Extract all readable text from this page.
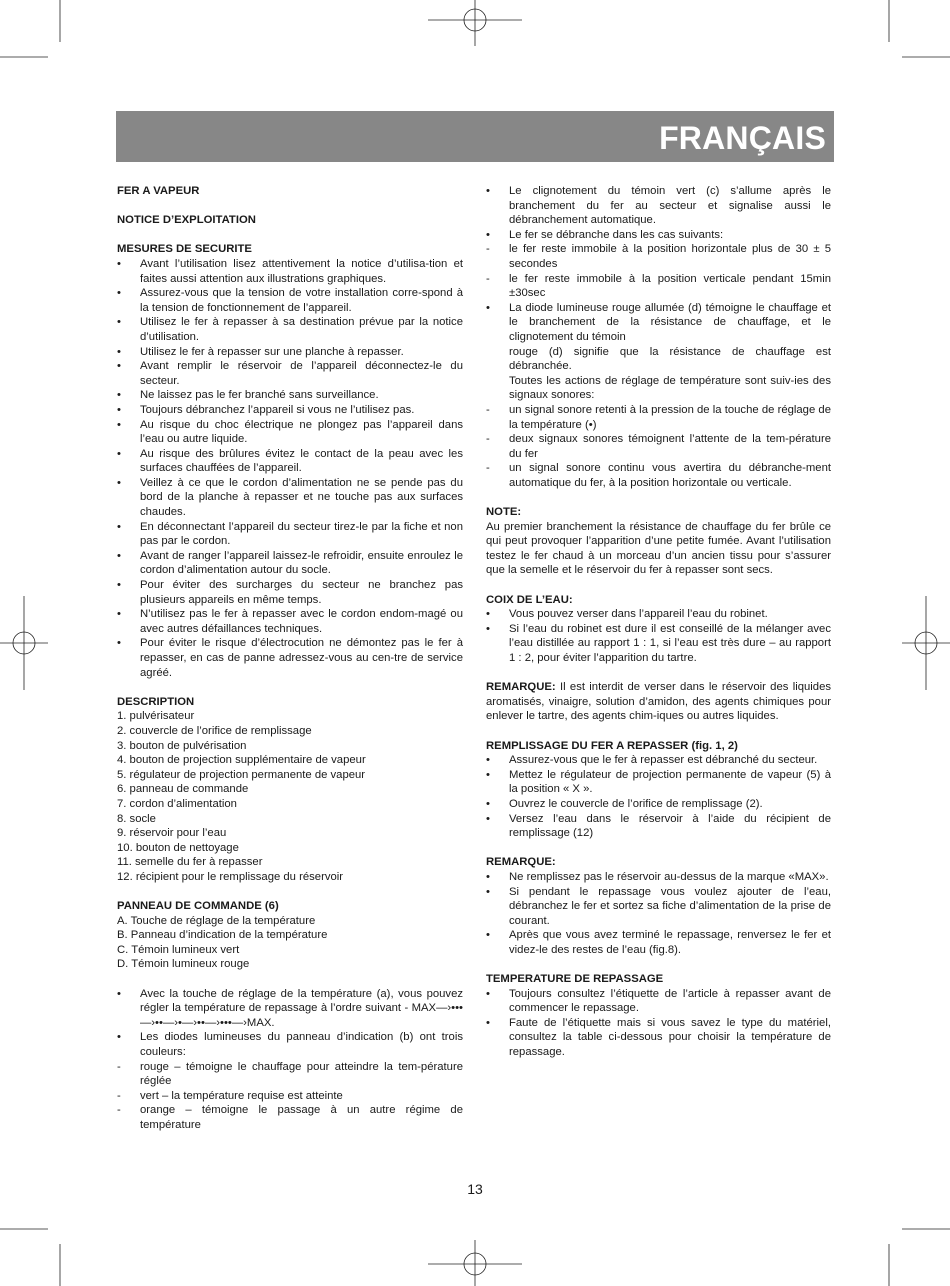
FRANÇAIS

FER A VAPEUR

NOTICE D’EXPLOITATION

MESURES DE SECURITE

•	Avant l’utilisation lisez attentivement la notice d’utilisa-tion et faites aussi attention aux illustrations graphiques.
•	Assurez-vous que la tension de votre installation corre-spond à la tension de fonctionnement de l’appareil.
•	Utilisez le fer à repasser à sa destination prévue par la notice d’utilisation.
•	Utilisez le fer à repasser sur une planche à repasser.
•	Avant remplir le réservoir de l’appareil déconnectez-le du secteur.
•	Ne laissez pas le fer branché sans surveillance.
•	Toujours débranchez l’appareil si vous ne l’utilisez pas.
•	Au risque du choc électrique ne plongez pas l’appareil dans l’eau ou autre liquide.
•	Au risque des brûlures évitez le contact de la peau avec les surfaces chauffées de l’appareil.
•	Veillez à ce que le cordon d’alimentation ne se pende pas du bord de la planche à repasser et ne touche pas aux surfaces chaudes.
•	En déconnectant l’appareil du secteur tirez-le par la fiche et non pas par le cordon.
•	Avant de ranger l’appareil laissez-le refroidir, ensuite enroulez le cordon d’alimentation autour du socle.
•	Pour éviter des surcharges du secteur ne branchez pas plusieurs appareils en même temps.
•	N’utilisez pas le fer à repasser avec le cordon endom-magé ou avec autres défaillances techniques.
•	Pour éviter le risque d’électrocution ne démontez pas le fer à repasser, en cas de panne adressez-vous au cen-tre de service agréé.

DESCRIPTION

1. pulvérisateur
2. couvercle de l’orifice de remplissage
3. bouton de pulvérisation
4. bouton de projection supplémentaire de vapeur
5. régulateur de projection permanente de vapeur
6. panneau de commande
7. cordon d’alimentation
8. socle
9. réservoir pour l’eau
10. bouton de nettoyage
11. semelle du fer à repasser
12. récipient pour le remplissage du réservoir

PANNEAU DE COMMANDE (6)

A. Touche de réglage de la température
B. Panneau d’indication de la température
C. Témoin lumineux vert
D. Témoin lumineux rouge
•	Avec la touche de réglage de la température (a), vous pouvez régler la température de repassage à l’ordre suivant - MAX—›•••—›••—›•—›••—›•••—›MAX.
•	Les diodes lumineuses du panneau d’indication (b) ont trois couleurs:
-	rouge – témoigne le chauffage pour atteindre la tem-pérature réglée
-	vert – la température requise est atteinte
-	orange – témoigne le passage à un autre régime de température
•	Le clignotement du témoin vert (c) s’allume après le branchement du fer au secteur et signalise aussi le débranchement automatique.
•	Le fer se débranche dans les cas suivants:
-	le fer reste immobile à la position horizontale plus de 30 ± 5 secondes
-	le fer reste immobile à la position verticale pendant 15min ±30sec
•	La diode lumineuse rouge allumée (d) témoigne le chauffage et le branchement de la résistance de chauffage, et le clignotement du témoin
rouge (d) signifie que la résistance de chauffage est débranchée.
Toutes les actions de réglage de température sont suiv-ies des signaux sonores:
-	un signal sonore retenti à la pression de la touche de réglage de la température (•)
-	deux signaux sonores témoignent l’attente de la tem-pérature du fer
-	un signal sonore continu vous avertira du débranche-ment automatique du fer, à la position horizontale ou verticale.

NOTE:

Au premier branchement la résistance de chauffage du fer brûle ce qui peut provoquer l’apparition d’une petite fumée. Avant l’utilisation testez le fer chaud à un morceau d’un ancien tissu pour s’assurer que la semelle et le réservoir du fer à repasser sont secs.

COIX DE L’EAU:

•	Vous pouvez verser dans l’appareil l’eau du robinet.
•	Si l’eau du robinet est dure il est conseillé de la mélanger avec l’eau distillée au rapport 1 : 1, si l’eau est très dure – au rapport 1 : 2, pour éviter l’apparition du tartre.
REMARQUE: Il est interdit de verser dans le réservoir des liquides aromatisés, vinaigre, solution d’amidon, des agents chimiques pour enlever le tartre, des agents chim-iques ou autres liquides.

REMPLISSAGE DU FER A REPASSER (fig. 1, 2)

•	Assurez-vous que le fer à repasser est débranché du secteur.
•	Mettez le régulateur de projection permanente de vapeur (5) à la position « X ».
•	Ouvrez le couvercle de l’orifice de remplissage (2).
•	Versez l’eau dans le réservoir à l’aide du récipient de remplissage (12)

REMARQUE:

•	Ne remplissez pas le réservoir au-dessus de la marque «MAX».
•	Si pendant le repassage vous voulez ajouter de l’eau, débranchez le fer et sortez sa fiche d’alimentation de la prise de courant.
•	Après que vous avez terminé le repassage, renversez le fer et videz-le des restes de l’eau (fig.8).

TEMPERATURE DE REPASSAGE

•	Toujours consultez l’étiquette de l’article à repasser avant de commencer le repassage.
•	Faute de l’étiquette mais si vous savez le type du matériel, consultez la table ci-dessous pour choisir la température de repassage.
13
